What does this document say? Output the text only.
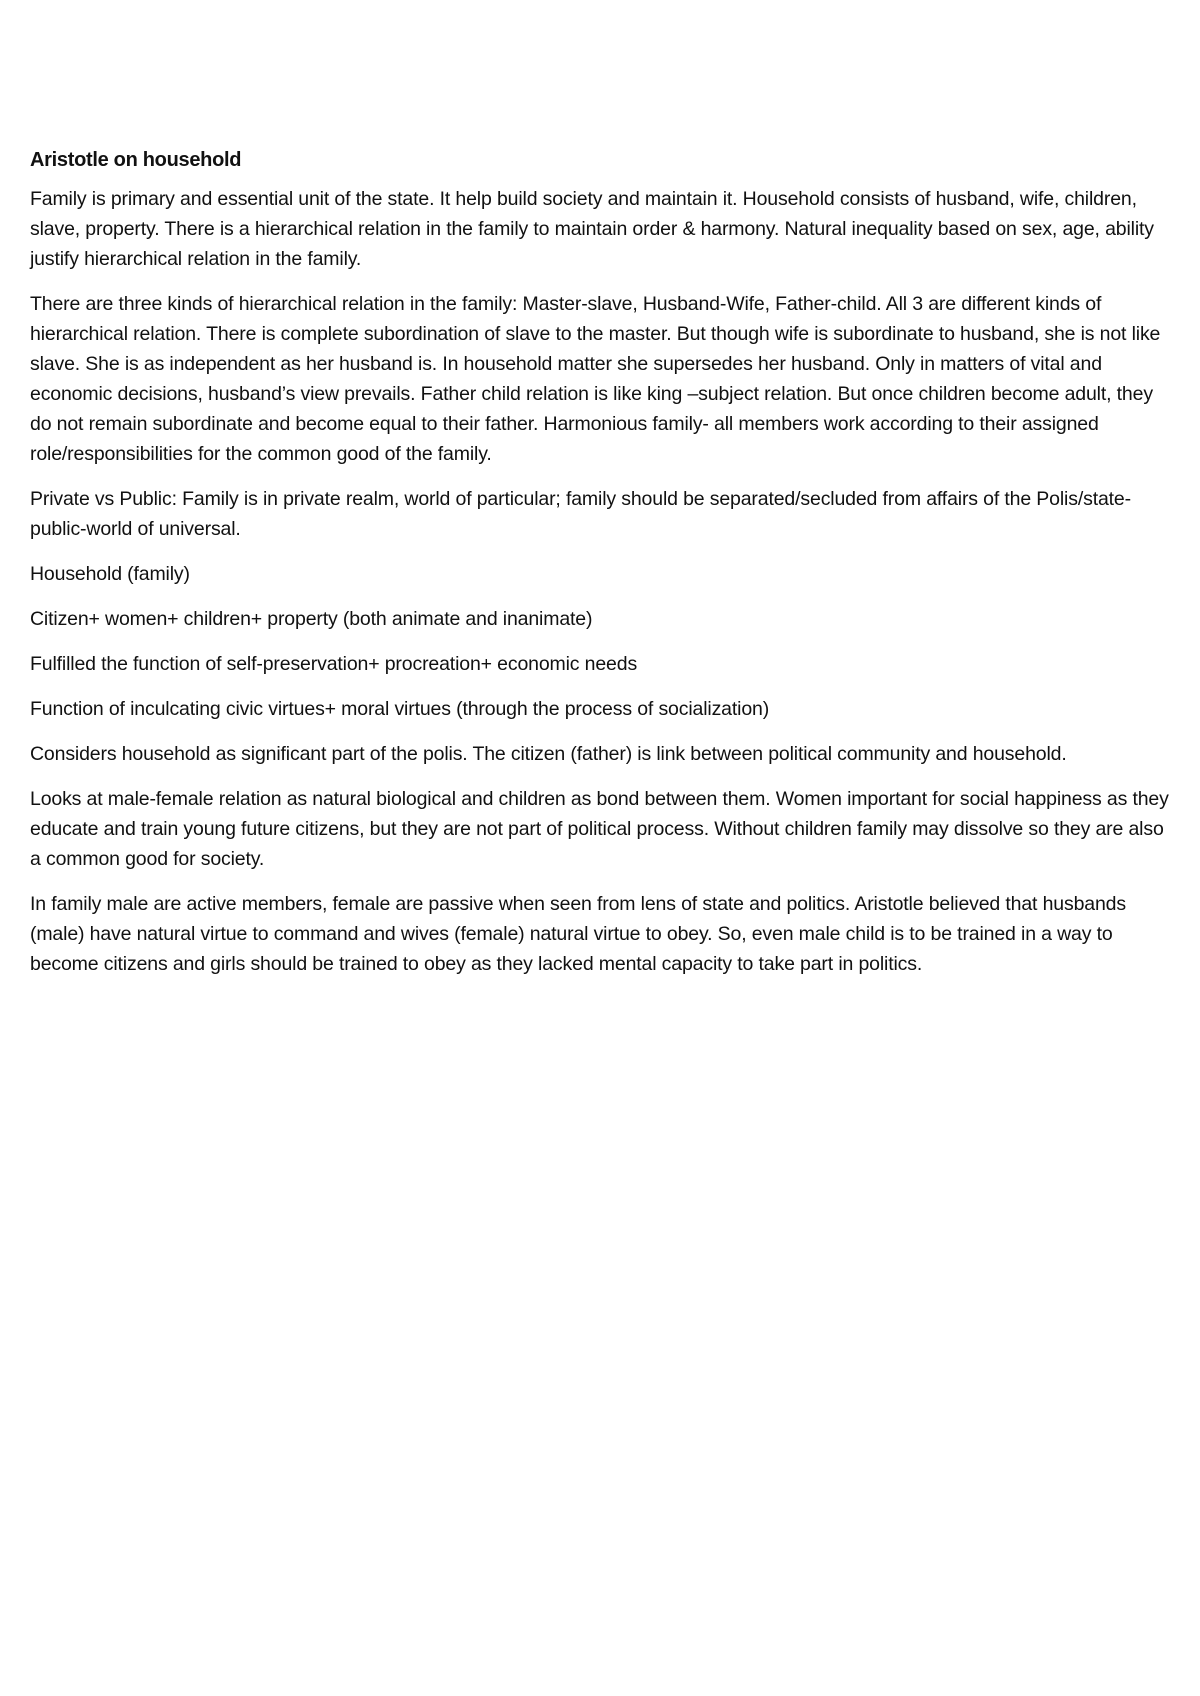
Aristotle on household

Family is primary and essential unit of the state. It help build society and maintain it. Household consists of husband, wife, children, slave, property. There is a hierarchical relation in the family to maintain order & harmony. Natural inequality based on sex, age, ability justify hierarchical relation in the family.

There are three kinds of hierarchical relation in the family: Master-slave, Husband-Wife, Father-child. All 3 are different kinds of hierarchical relation. There is complete subordination of slave to the master. But though wife is subordinate to husband, she is not like slave. She is as independent as her husband is. In household matter she supersedes her husband. Only in matters of vital and economic decisions, husband’s view prevails. Father child relation is like king –subject relation. But once children become adult, they do not remain subordinate and become equal to their father. Harmonious family- all members work according to their assigned role/responsibilities for the common good of the family.

Private vs Public: Family is in private realm, world of particular; family should be separated/secluded from affairs of the Polis/state-public-world of universal.

Household (family)

Citizen+ women+ children+ property (both animate and inanimate)

Fulfilled the function of self-preservation+ procreation+ economic needs

Function of inculcating civic virtues+ moral virtues (through the process of socialization)

Considers household as significant part of the polis. The citizen (father) is link between political community and household.

Looks at male-female relation as natural biological and children as bond between them. Women important for social happiness as they educate and train young future citizens, but they are not part of political process. Without children family may dissolve so they are also a common good for society.

In family male are active members, female are passive when seen from lens of state and politics. Aristotle believed that husbands (male) have natural virtue to command and wives (female) natural virtue to obey. So, even male child is to be trained in a way to become citizens and girls should be trained to obey as they lacked mental capacity to take part in politics.
